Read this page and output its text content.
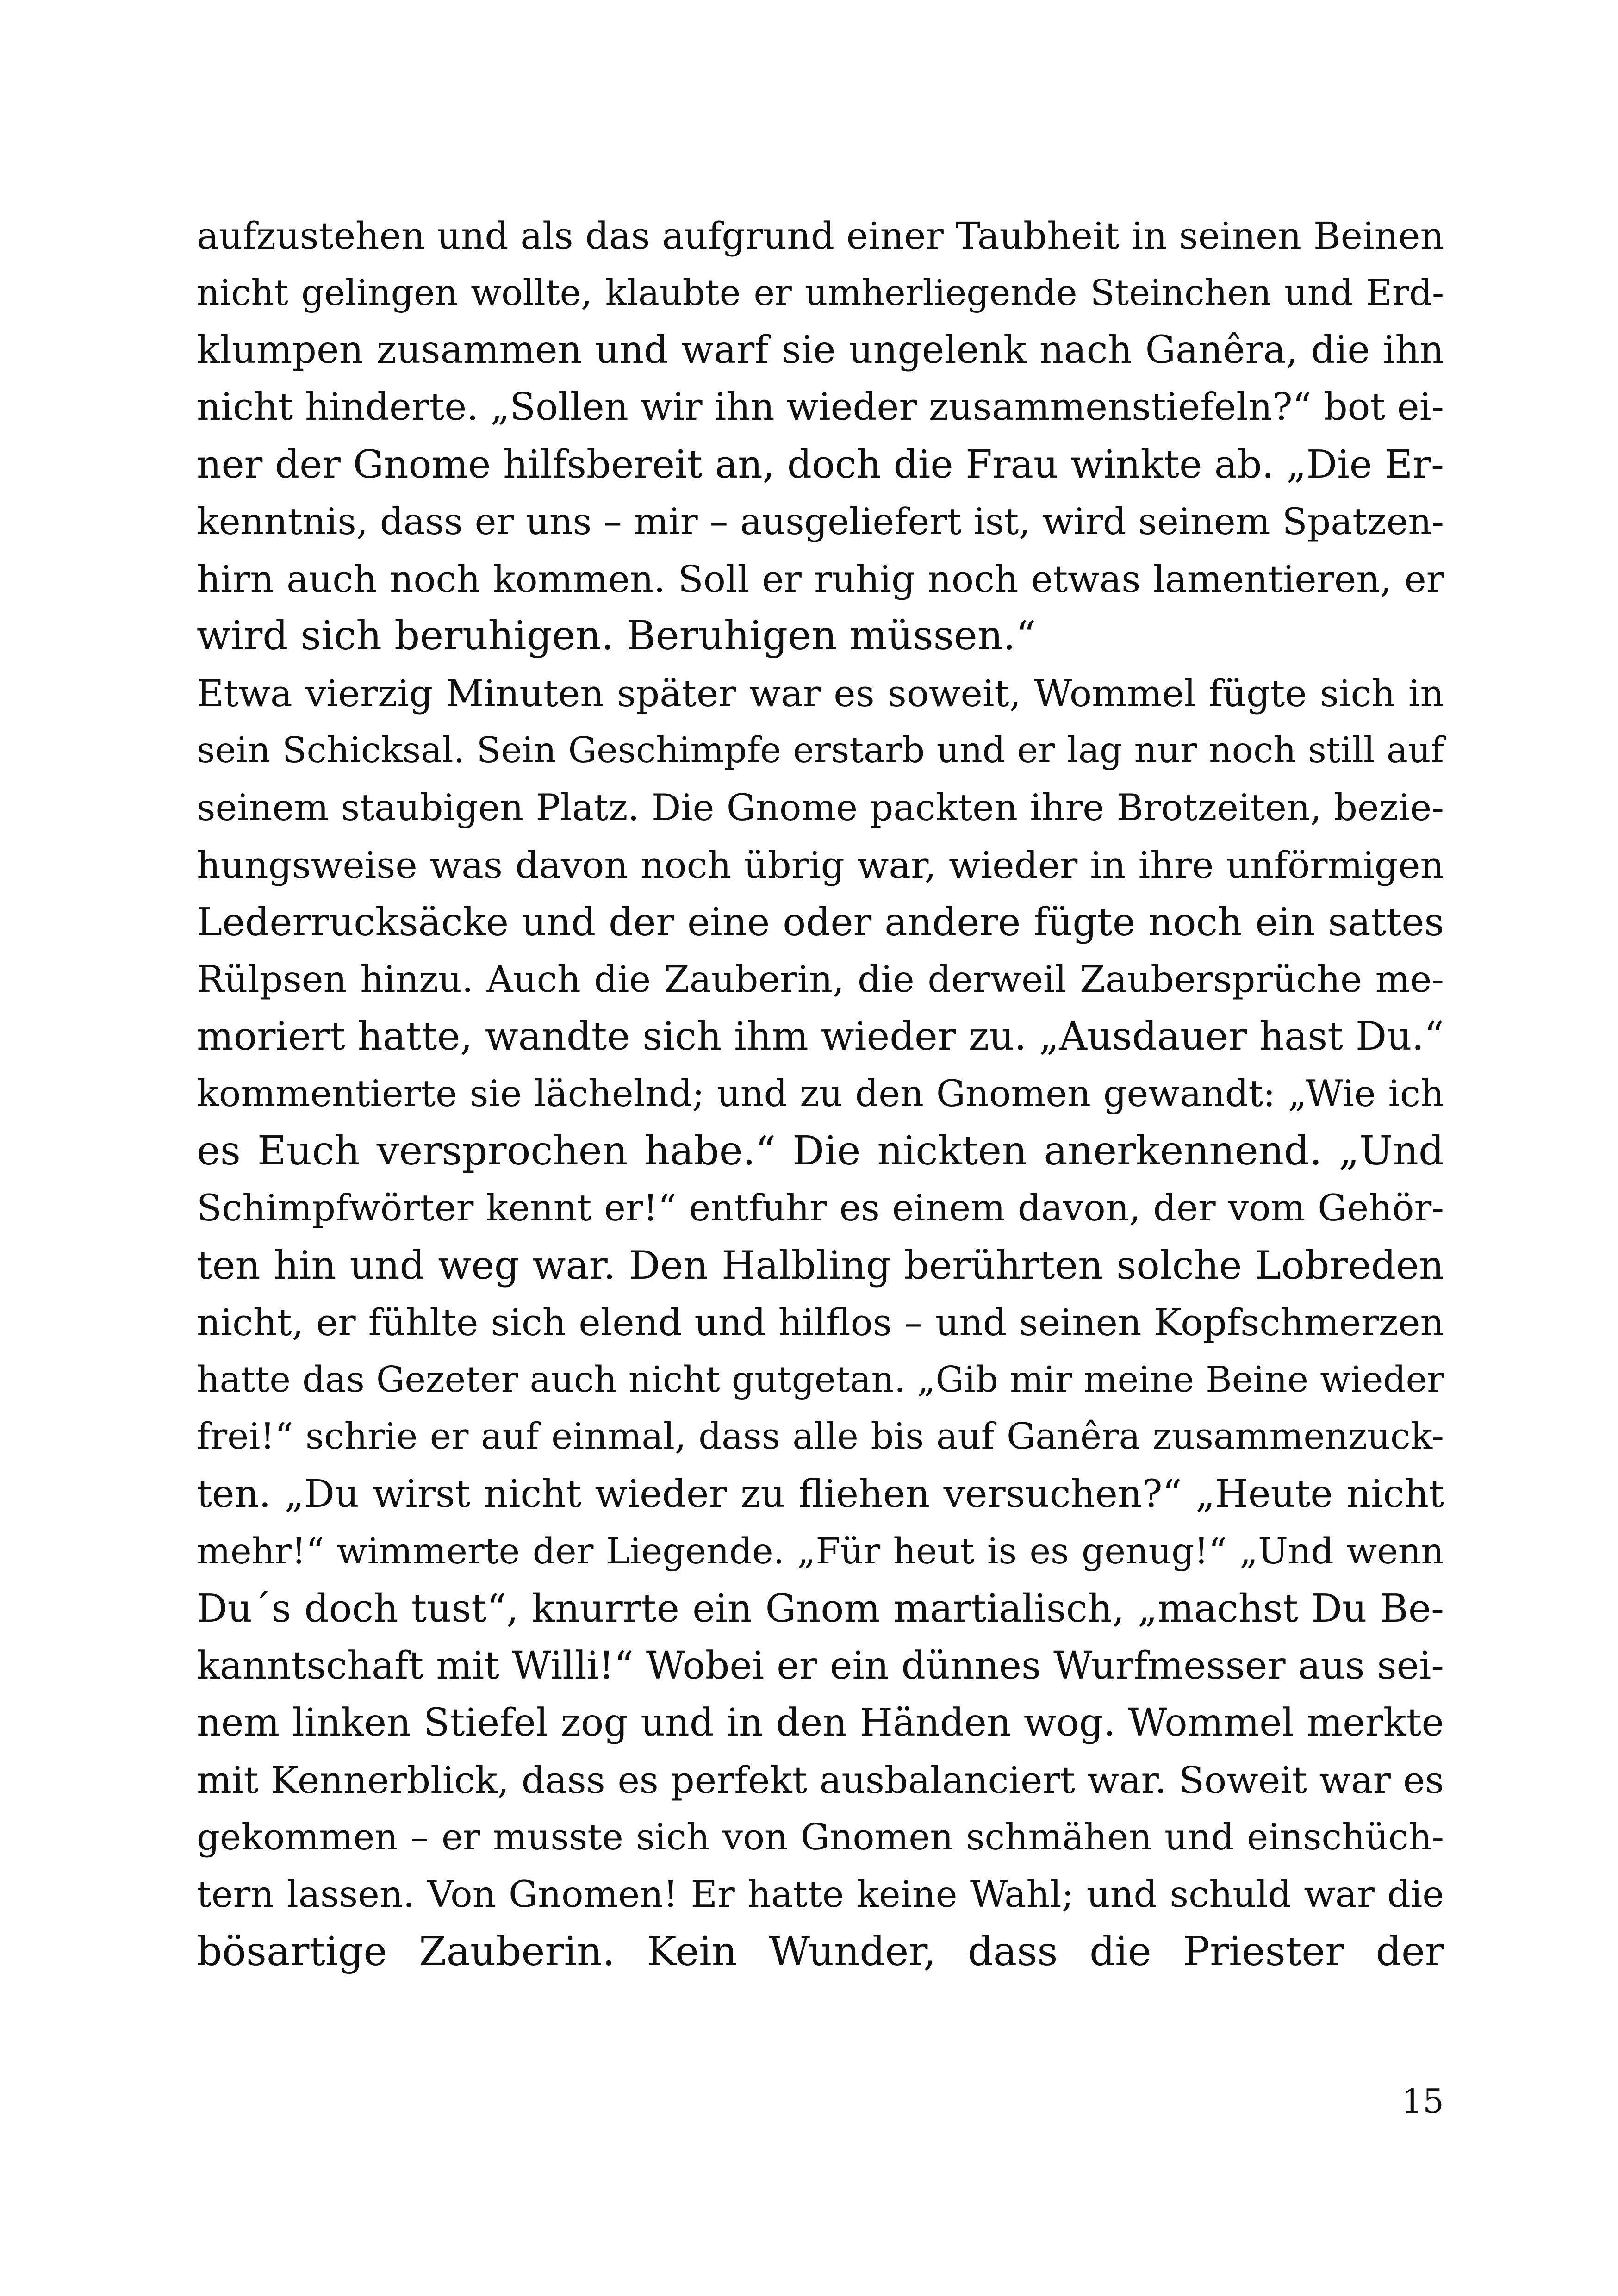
aufzustehen und als das aufgrund einer Taubheit in seinen Beinen
nicht gelingen wollte, klaubte er umherliegende Steinchen und Erd-
klumpen zusammen und warf sie ungelenk nach Ganêra, die ihn
nicht hinderte. „Sollen wir ihn wieder zusammenstiefeln?“ bot ei-
ner der Gnome hilfsbereit an, doch die Frau winkte ab. „Die Er-
kenntnis, dass er uns – mir – ausgeliefert ist, wird seinem Spatzen-
hirn auch noch kommen. Soll er ruhig noch etwas lamentieren, er
wird sich beruhigen. Beruhigen müssen.“
Etwa vierzig Minuten später war es soweit, Wommel fügte sich in
sein Schicksal. Sein Geschimpfe erstarb und er lag nur noch still auf
seinem staubigen Platz. Die Gnome packten ihre Brotzeiten, bezie-
hungsweise was davon noch übrig war, wieder in ihre unförmigen
Lederrucksäcke und der eine oder andere fügte noch ein sattes
Rülpsen hinzu. Auch die Zauberin, die derweil Zaubersprüche me-
moriert hatte, wandte sich ihm wieder zu. „Ausdauer hast Du.“
kommentierte sie lächelnd; und zu den Gnomen gewandt: „Wie ich
es Euch versprochen habe.“ Die nickten anerkennend. „Und
Schimpfwörter kennt er!“ entfuhr es einem davon, der vom Gehör-
ten hin und weg war. Den Halbling berührten solche Lobreden
nicht, er fühlte sich elend und hilflos – und seinen Kopfschmerzen
hatte das Gezeter auch nicht gutgetan. „Gib mir meine Beine wieder
frei!“ schrie er auf einmal, dass alle bis auf Ganêra zusammenzuck-
ten. „Du wirst nicht wieder zu fliehen versuchen?“ „Heute nicht
mehr!“ wimmerte der Liegende. „Für heut is es genug!“ „Und wenn
Du´s doch tust“, knurrte ein Gnom martialisch, „machst Du Be-
kanntschaft mit Willi!“ Wobei er ein dünnes Wurfmesser aus sei-
nem linken Stiefel zog und in den Händen wog. Wommel merkte
mit Kennerblick, dass es perfekt ausbalanciert war. Soweit war es
gekommen – er musste sich von Gnomen schmähen und einschüch-
tern lassen. Von Gnomen! Er hatte keine Wahl; und schuld war die
bösartige Zauberin. Kein Wunder, dass die Priester der
15
